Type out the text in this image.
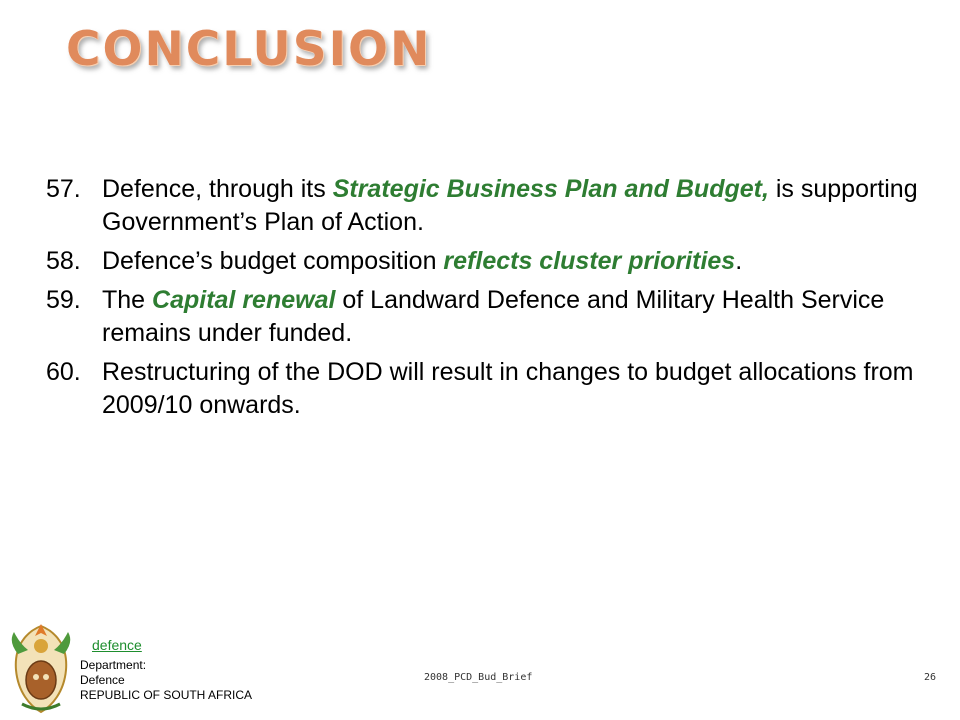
CONCLUSION
57. Defence, through its Strategic Business Plan and Budget, is supporting Government’s Plan of Action.
58. Defence’s budget composition reflects cluster priorities.
59. The Capital renewal of Landward Defence and Military Health Service remains under funded.
60. Restructuring of the DOD will result in changes to budget allocations from 2009/10 onwards.
defence
Department:
Defence
REPUBLIC OF SOUTH AFRICA
2008_PCD_Bud_Brief	26
